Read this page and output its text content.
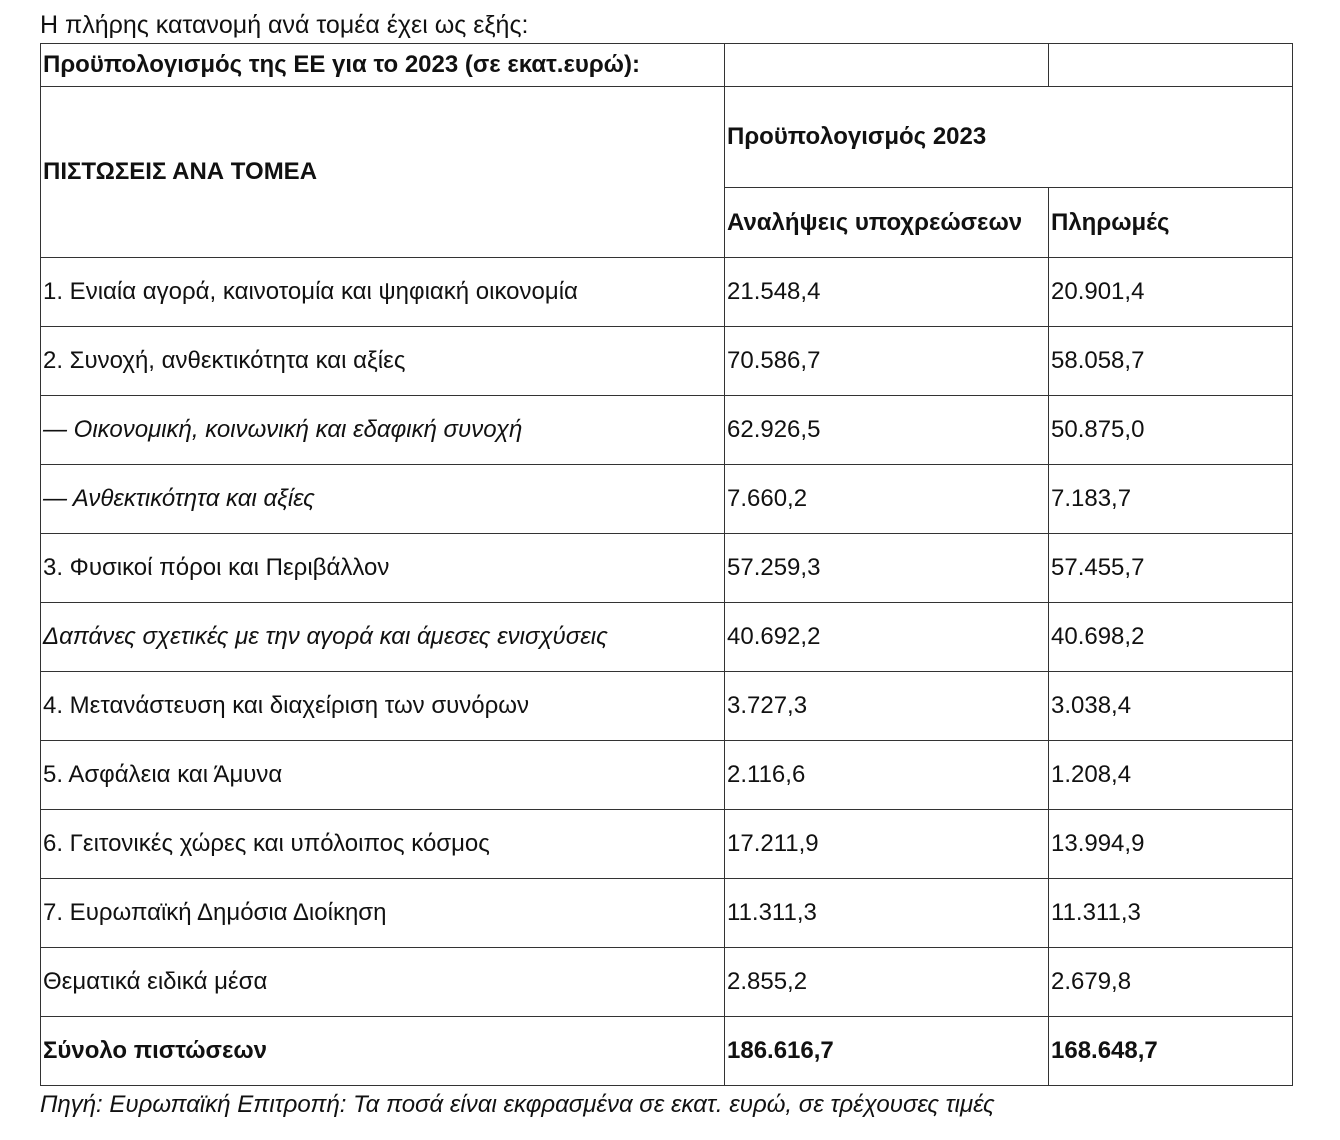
Η πλήρης κατανομή ανά τομέα έχει ως εξής:
Προϋπολογισμός της ΕΕ για το 2023 (σε εκατ.ευρώ):		
ΠΙΣΤΩΣΕΙΣ ΑΝΑ ΤΟΜΕΑ	Προϋπολογισμός 2023	
	Αναλήψεις υποχρεώσεων	Πληρωμές
1. Ενιαία αγορά, καινοτομία και ψηφιακή οικονομία	21.548,4	20.901,4
2. Συνοχή, ανθεκτικότητα και αξίες	70.586,7	58.058,7
— Οικονομική, κοινωνική και εδαφική συνοχή	62.926,5	50.875,0
— Ανθεκτικότητα και αξίες	7.660,2	7.183,7
3. Φυσικοί πόροι και Περιβάλλον	57.259,3	57.455,7
Δαπάνες σχετικές με την αγορά και άμεσες ενισχύσεις	40.692,2	40.698,2
4. Μετανάστευση και διαχείριση των συνόρων	3.727,3	3.038,4
5. Ασφάλεια και Άμυνα	2.116,6	1.208,4
6. Γειτονικές χώρες και υπόλοιπος κόσμος	17.211,9	13.994,9
7. Ευρωπαϊκή Δημόσια Διοίκηση	11.311,3	11.311,3
Θεματικά ειδικά μέσα	2.855,2	2.679,8
Σύνολο πιστώσεων	186.616,7	168.648,7
Πηγή: Ευρωπαϊκή Επιτροπή: Τα ποσά είναι εκφρασμένα σε εκατ. ευρώ, σε τρέχουσες τιμές
